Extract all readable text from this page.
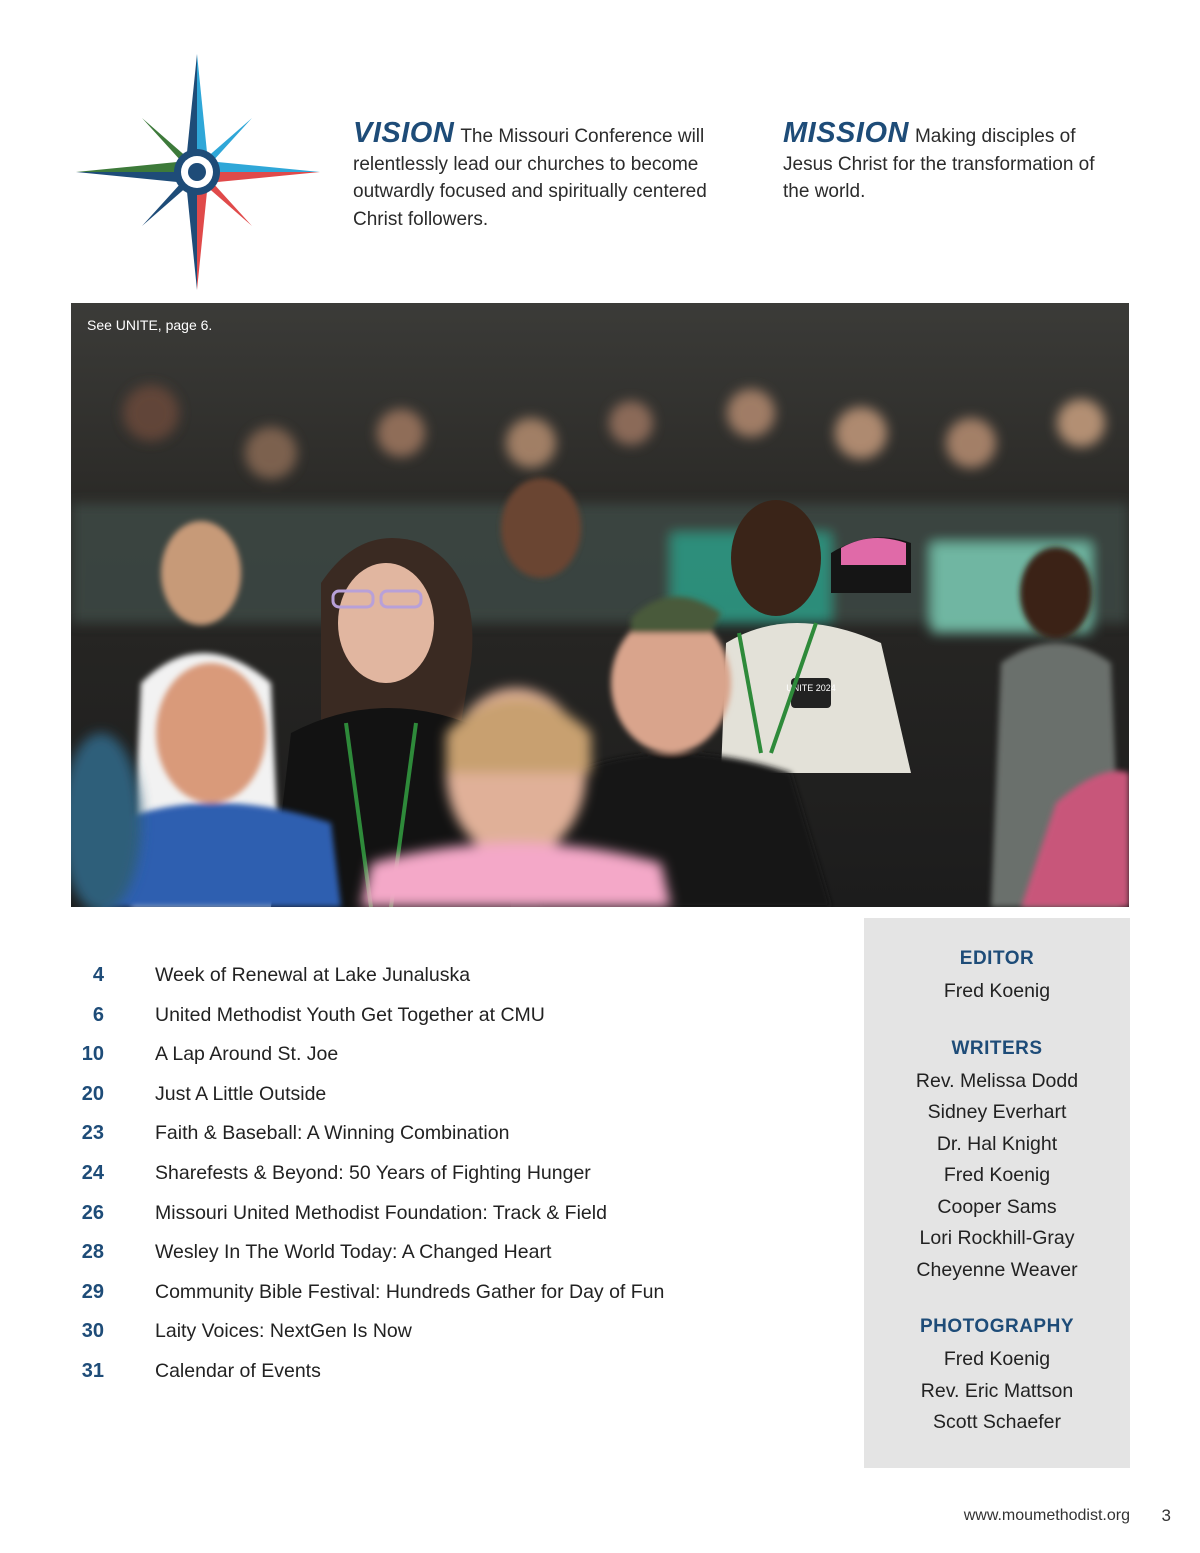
VISION The Missouri Conference will relentlessly lead our churches to become outwardly focused and spiritually centered Christ followers.
MISSION Making disciples of Jesus Christ for the transformation of the world.
UNITE 2024
See UNITE, page 6.
4	Week of Renewal at Lake Junaluska
6	United Methodist Youth Get Together at CMU
10	A Lap Around St. Joe
20	Just A Little Outside
23	Faith & Baseball: A Winning Combination
24	Sharefests & Beyond: 50 Years of Fighting Hunger
26	Missouri United Methodist Foundation: Track & Field
28	Wesley In The World Today: A Changed Heart
29	Community Bible Festival: Hundreds Gather for Day of Fun
30	Laity Voices: NextGen Is Now
31	Calendar of Events
EDITOR
Fred Koenig
WRITERS
Rev. Melissa Dodd
Sidney Everhart
Dr. Hal Knight
Fred Koenig
Cooper Sams
Lori Rockhill-Gray
Cheyenne Weaver
PHOTOGRAPHY
Fred Koenig
Rev. Eric Mattson
Scott Schaefer
www.moumethodist.org 3
